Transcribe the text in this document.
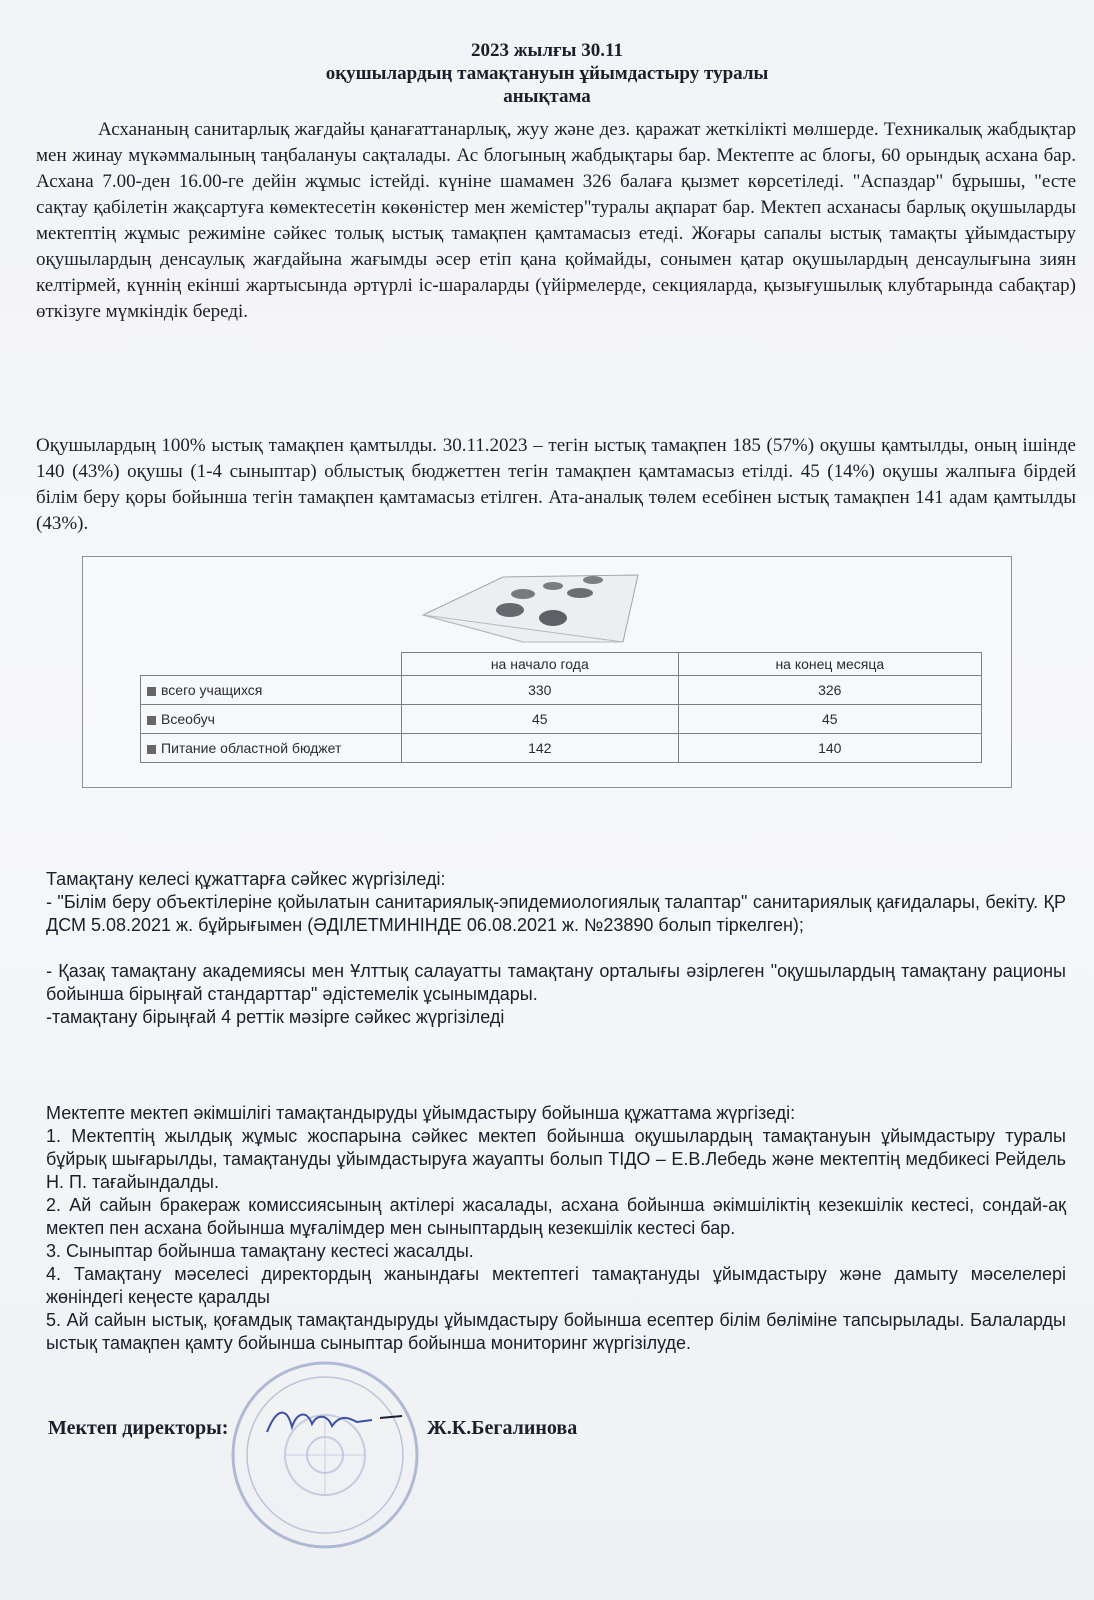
2023 жылғы 30.11
оқушылардың тамақтануын ұйымдастыру туралы
анықтама

Асхананың санитарлық жағдайы қанағаттанарлық, жуу және дез. қаражат жеткілікті мөлшерде. Техникалық жабдықтар мен жинау мүкәммалының таңбалануы сақталады. Ас блогының жабдықтары бар. Мектепте ас блогы, 60 орындық асхана бар. Асхана 7.00-ден 16.00-ге дейін жұмыс істейді. күніне шамамен 326 балаға қызмет көрсетіледі. "Аспаздар" бұрышы, "есте сақтау қабілетін жақсартуға көмектесетін көкөністер мен жемістер"туралы ақпарат бар. Мектеп асханасы барлық оқушыларды мектептің жұмыс режиміне сәйкес толық ыстық тамақпен қамтамасыз етеді. Жоғары сапалы ыстық тамақты ұйымдастыру оқушылардың денсаулық жағдайына жағымды әсер етіп қана қоймайды, сонымен қатар оқушылардың денсаулығына зиян келтірмей, күннің екінші жартысында әртүрлі іс-шараларды (үйірмелерде, секцияларда, қызығушылық клубтарында сабақтар) өткізуге мүмкіндік береді.

Оқушылардың 100% ыстық тамақпен қамтылды. 30.11.2023 – тегін ыстық тамақпен 185 (57%) оқушы қамтылды, оның ішінде 140 (43%) оқушы (1-4 сыныптар) облыстық бюджеттен тегін тамақпен қамтамасыз етілді. 45 (14%) оқушы жалпыға бірдей білім беру қоры бойынша тегін тамақпен қамтамасыз етілген. Ата-аналық төлем есебінен ыстық тамақпен 141 адам қамтылды (43%).

	на начало года	на конец месяца
всего учащихся	330	326
Всеобуч	45	45
Питание областной бюджет	142	140
Тамақтану келесі құжаттарға сәйкес жүргізіледі:
- "Білім беру объектілеріне қойылатын санитариялық-эпидемиологиялық талаптар" санитариялық қағидалары, бекіту. ҚР ДСМ 5.08.2021 ж. бұйрығымен (ӘДІЛЕТМИНІНДЕ 06.08.2021 ж. №23890 болып тіркелген);
- Қазақ тамақтану академиясы мен Ұлттық салауатты тамақтану орталығы әзірлеген "оқушылардың тамақтану рационы бойынша бірыңғай стандарттар" әдістемелік ұсынымдары.
-тамақтану бірыңғай 4 реттік мәзірге сәйкес жүргізіледі
Мектепте мектеп әкімшілігі тамақтандыруды ұйымдастыру бойынша құжаттама жүргізеді:
1. Мектептің жылдық жұмыс жоспарына сәйкес мектеп бойынша оқушылардың тамақтануын ұйымдастыру туралы бұйрық шығарылды, тамақтануды ұйымдастыруға жауапты болып ТІДО – Е.В.Лебедь және мектептің медбикесі Рейдель Н. П. тағайындалды.
2. Ай сайын бракераж комиссиясының актілері жасалады, асхана бойынша әкімшіліктің кезекшілік кестесі, сондай-ақ мектеп пен асхана бойынша мұғалімдер мен сыныптардың кезекшілік кестесі бар.
3. Сыныптар бойынша тамақтану кестесі жасалды.
4. Тамақтану мәселесі директордың жанындағы мектептегі тамақтануды ұйымдастыру және дамыту мәселелері жөніндегі кеңесте қаралды
5. Ай сайын ыстық, қоғамдық тамақтандыруды ұйымдастыру бойынша есептер білім бөліміне тапсырылады. Балаларды ыстық тамақпен қамту бойынша сыныптар бойынша мониторинг жүргізілуде.
Мектеп директоры:	Ж.К.Бегалинова
